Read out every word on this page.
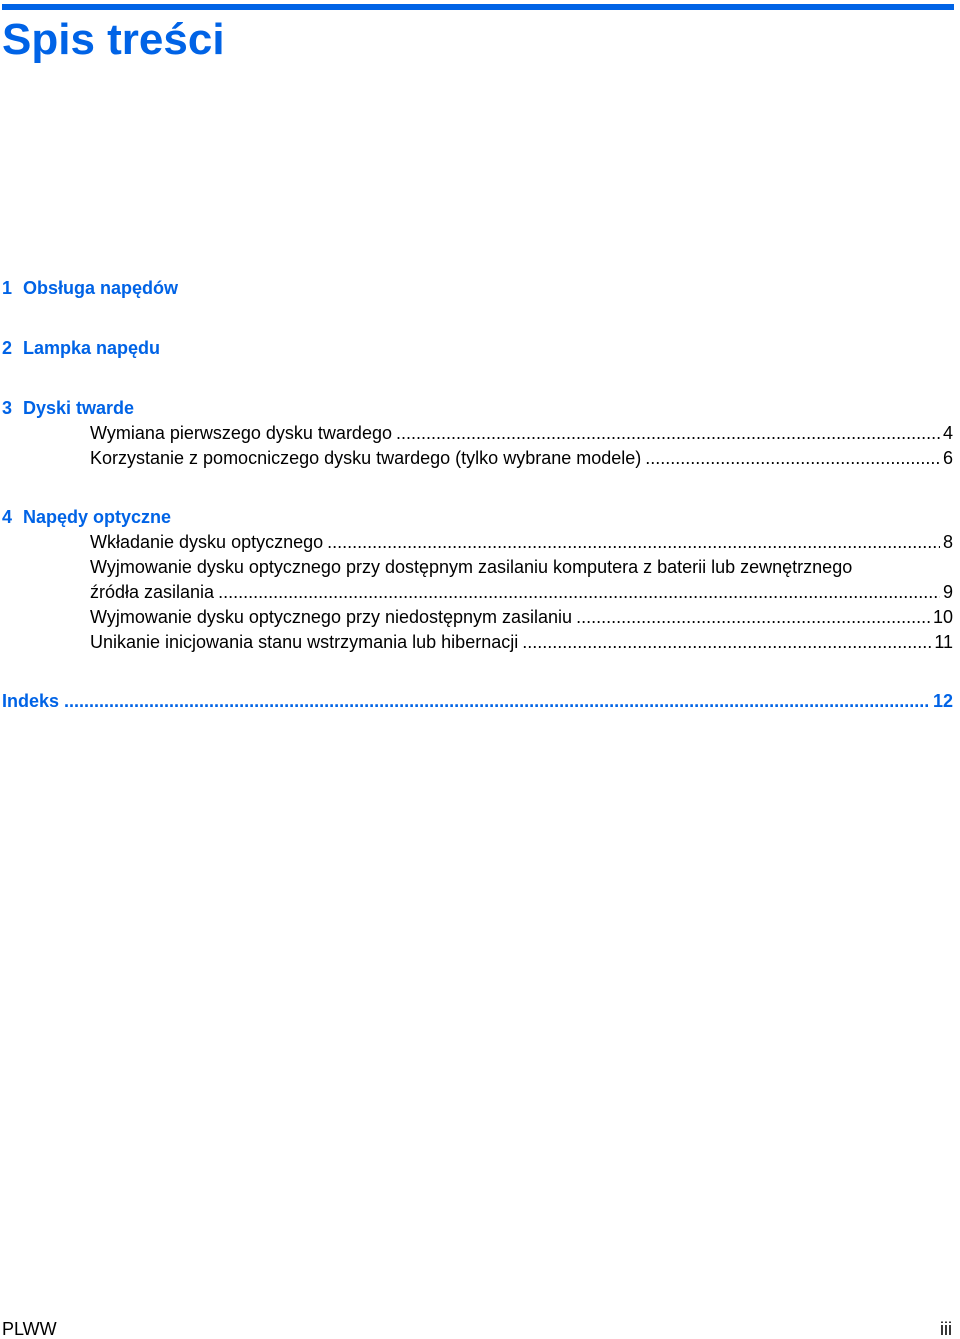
Spis treści
1 Obsługa napędów
2 Lampka napędu
3 Dyski twarde
Wymiana pierwszego dysku twardego .....	4
Korzystanie z pomocniczego dysku twardego (tylko wybrane modele) .....	6
4 Napędy optyczne
Wkładanie dysku optycznego .....	8
Wyjmowanie dysku optycznego przy dostępnym zasilaniu komputera z baterii lub zewnętrznego
źródła zasilania .....	9
Wyjmowanie dysku optycznego przy niedostępnym zasilaniu .....	10
Unikanie inicjowania stanu wstrzymania lub hibernacji .....	11
Indeks .....	12
PLWW	iii
